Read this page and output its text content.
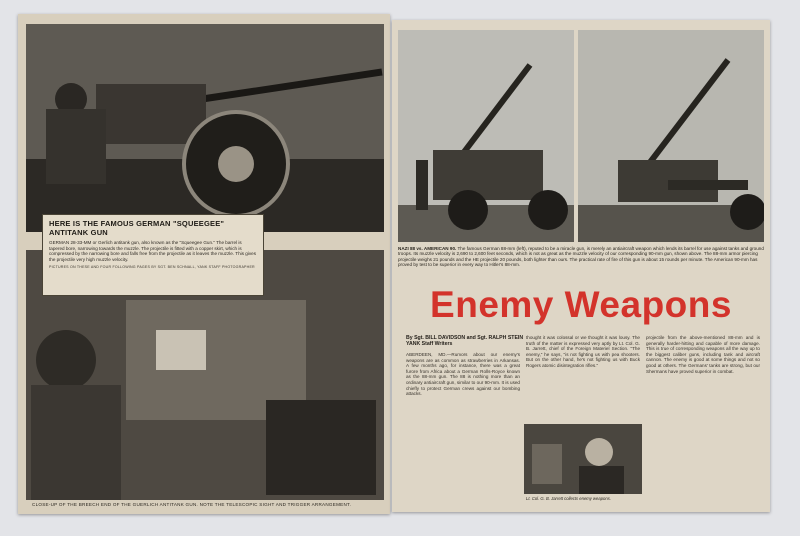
HERE IS THE FAMOUS GERMAN "SQUEEGEE" ANTITANK GUN
GERMAN 28-33-MM or Gerlich antitank gun, also known as the "Squeegee Gun." The barrel is tapered bore, narrowing towards the muzzle. The projectile is fitted with a copper skirt, which is compressed by the narrowing bore and falls free from the projectile as it leaves the muzzle. This gives the projectile very high muzzle velocity.
PICTURES ON THESE AND FOUR FOLLOWING PAGES BY SGT. BEN SCHNALL, YANK STAFF PHOTOGRAPHER
CLOSE-UP OF THE BREECH END OF THE GUERLICH ANTITANK GUN. NOTE THE TELESCOPIC SIGHT AND TRIGGER ARRANGEMENT.
NAZI 88 vs. AMERICAN 90. The famous German 88-mm (left), reputed to be a miracle gun, is merely an antiaircraft weapon which lends its barrel for use against tanks and ground troops. Its muzzle velocity is 2,690 to 2,600 feet seconds, which is not as great as the muzzle velocity of our corresponding 90-mm gun, shown above. The 88-mm armor piercing projectile weighs 21 pounds and the HE projectile 20 pounds, both lighter than ours. The practical rate of fire of this gun is about 15 rounds per minute. The American 90-mm has proved by test to be superior in every way to Hitler's 88-mm.
Enemy Weapons
By Sgt. BILL DAVIDSON and Sgt. RALPH STEIN YANK Staff Writers
ABERDEEN, MD.—Rumors about our enemy's weapons are as common as strawberries in Arkansas. A few months ago, for instance, there was a great furore from Africa about a German Rolls-Royce known as the 88-mm gun. The 88 is nothing more than an ordinary antiaircraft gun, similar to our 90-mm. It is used chiefly to protect German crews against our bombing attacks.
thought it was colossal or we thought it was lousy. The truth of the matter is expressed very aptly by Lt. Col. G. B. Jarrett, chief of the Foreign Materiel Section. "The enemy," he says, "is not fighting us with pea shooters. But on the other hand, he's not fighting us with Buck Rogers atomic disintegration rifles."
projectile from the above-mentioned 88-mm and is generally harder-hitting and capable of more damage. This is true of corresponding weapons all the way up to the biggest caliber guns, including tank and aircraft cannon. The enemy is good at some things and not so good at others. The Germans' tanks are strong, but our Shermans have proved superior in combat.
Lt. Col. G. B. Jarrett collects enemy weapons.
